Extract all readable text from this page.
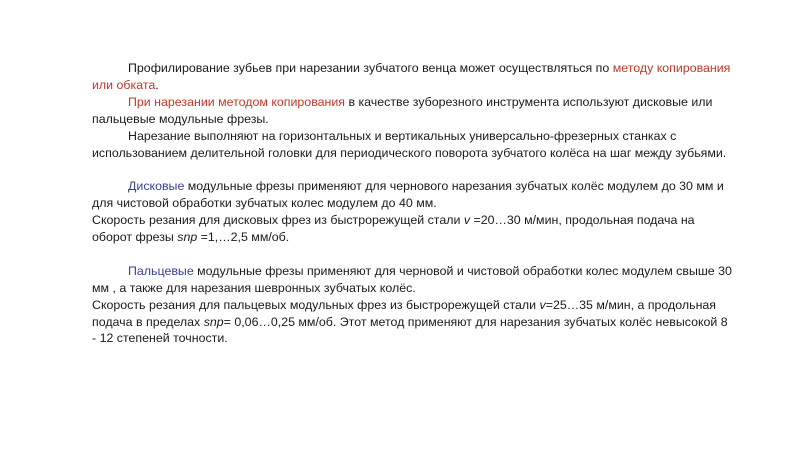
Профилирование зубьев при нарезании зубчатого венца может осуществляться по методу копирования или обката.

При нарезании методом копирования в качестве зуборезного инструмента используют дисковые или пальцевые модульные фрезы.

Нарезание выполняют на горизонтальных и вертикальных универсально-фрезерных станках с использованием делительной головки для периодического поворота зубчатого колёса на шаг между зубьями.

Дисковые модульные фрезы применяют для чернового нарезания зубчатых колёс модулем до 30 мм и для чистовой обработки зубчатых колес модулем до 40 мм.

Скорость резания для дисковых фрез из быстрорежущей стали v =20…30 м/мин, продольная подача на оборот фрезы snp =1,…2,5 мм/об.

Пальцевые модульные фрезы применяют для черновой и чистовой обработки колес модулем свыше 30 мм , а также для нарезания шевронных зубчатых колёс.

Скорость резания для пальцевых модульных фрез из быстрорежущей стали v=25…35 м/мин, а продольная подача в пределах snp= 0,06…0,25 мм/об. Этот метод применяют для нарезания зубчатых колёс невысокой 8 - 12 степеней точности.
